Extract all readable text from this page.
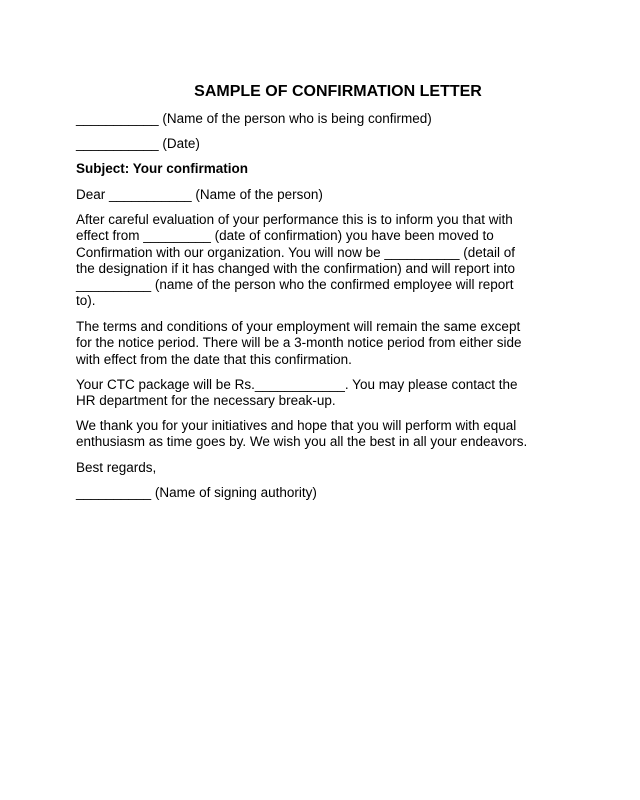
SAMPLE OF CONFIRMATION LETTER
___________ (Name of the person who is being confirmed)
___________ (Date)
Subject: Your confirmation
Dear ___________ (Name of the person)
After careful evaluation of your performance this is to inform you that with
effect from _________ (date of confirmation) you have been moved to
Confirmation with our organization. You will now be __________ (detail of
the designation if it has changed with the confirmation) and will report into
__________ (name of the person who the confirmed employee will report
to).
The terms and conditions of your employment will remain the same except
for the notice period. There will be a 3-month notice period from either side
with effect from the date that this confirmation.
Your CTC package will be Rs.____________. You may please contact the
HR department for the necessary break-up.
We thank you for your initiatives and hope that you will perform with equal
enthusiasm as time goes by. We wish you all the best in all your endeavors.
Best regards,
__________ (Name of signing authority)
